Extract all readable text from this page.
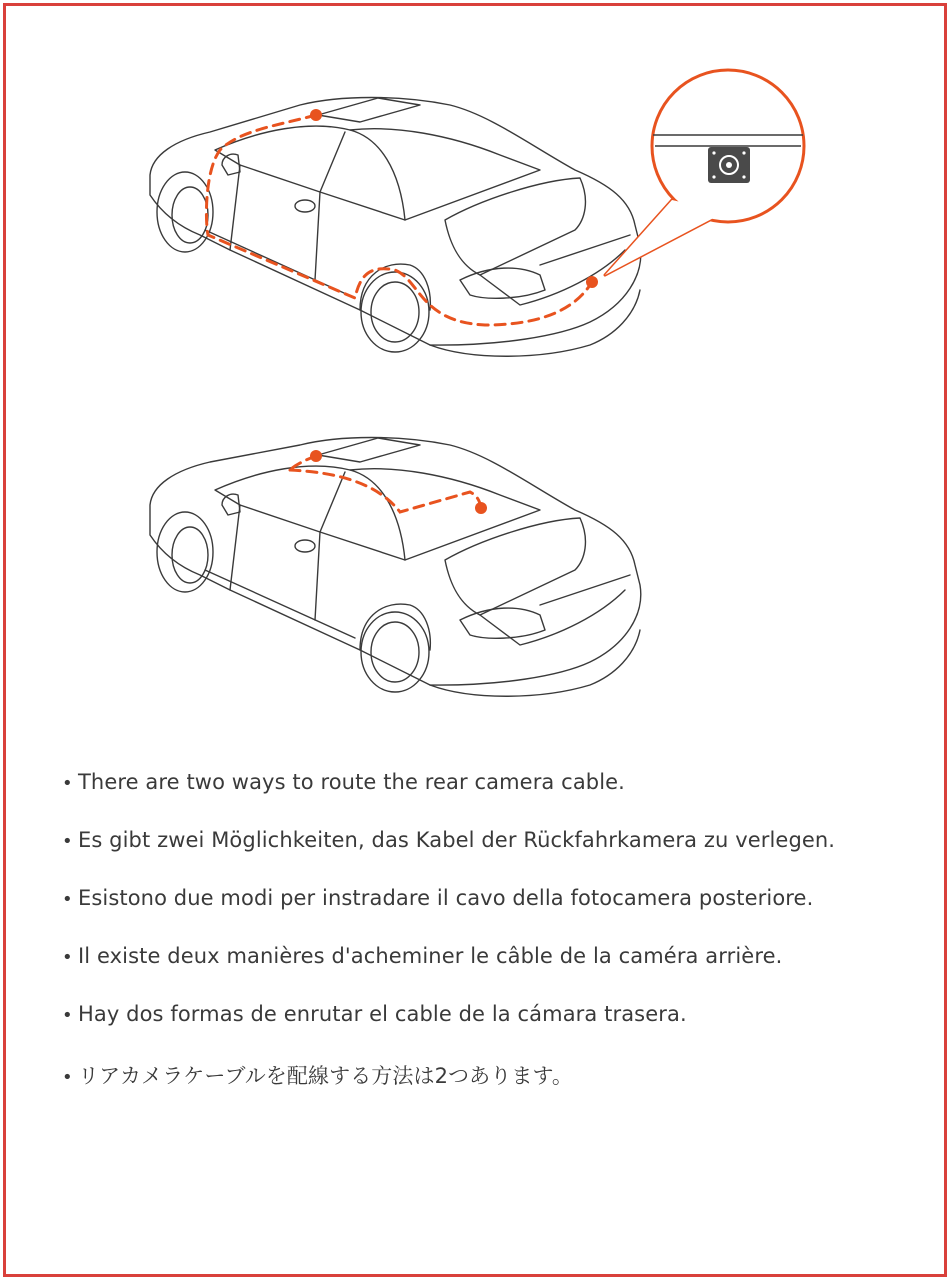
• There are two ways to route the rear camera cable.
• Es gibt zwei Möglichkeiten, das Kabel der Rückfahrkamera zu verlegen.
• Esistono due modi per instradare il cavo della fotocamera posteriore.
• Il existe deux manières d'acheminer le câble de la caméra arrière.
• Hay dos formas de enrutar el cable de la cámara trasera.
• リアカメラケーブルを配線する方法は2つあります。
